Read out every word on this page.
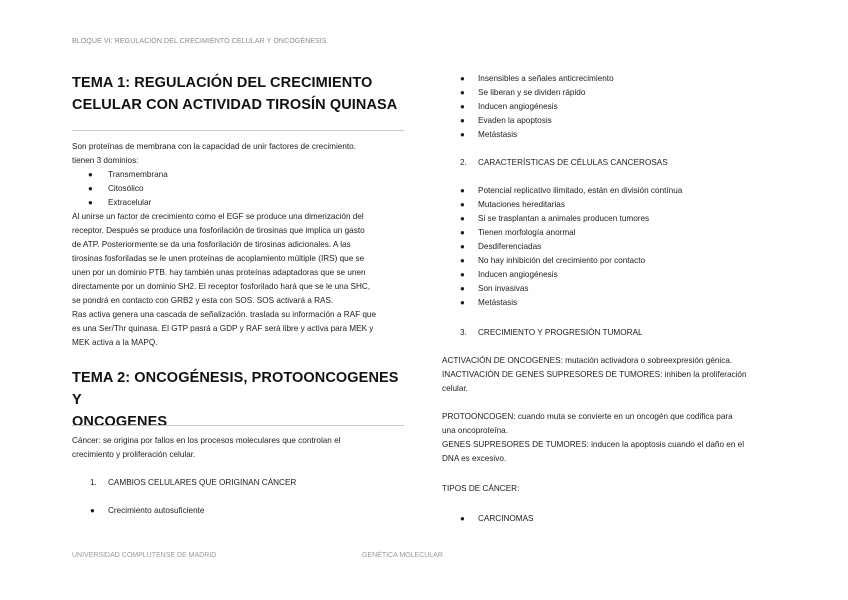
BLOQUE VI: REGULACIÓN DEL CRECIMIENTO CELULAR Y ONCOGÉNESIS
TEMA 1: REGULACIÓN DEL CRECIMIENTO
CELULAR CON ACTIVIDAD TIROSÍN QUINASA
Son proteínas de membrana con la capacidad de unir factores de crecimiento.
tienen 3 dominios:
● Transmembrana
● Citosólico
● Extracelular
Al unirse un factor de crecimiento como el EGF se produce una dimerización del
receptor. Después se produce una fosforilación de tirosinas que implica un gasto
de ATP. Posteriormente se da una fosforilación de tirosinas adicionales. A las
tirosinas fosforiladas se le unen proteínas de acoplamiento múltiple (IRS) que se
unen por un dominio PTB. hay también unas proteínas adaptadoras que se unen
directamente por un dominio SH2. El receptor fosforilado hará que se le una SHC,
se pondrá en contacto con GRB2 y esta con SOS. SOS activará a RAS.
Ras activa genera una cascada de señalización. traslada su información a RAF que
es una Ser/Thr quinasa. El GTP pasrá a GDP y RAF será libre y activa para MEK y
MEK activa a la MAPQ.
TEMA 2: ONCOGÉNESIS, PROTOONCOGENES Y
ONCOGENES
Cáncer: se origina por fallos en los procesos moleculares que controlan el
crecimiento y proliferación celular.
1. CAMBIOS CELULARES QUE ORIGINAN CÁNCER
● Crecimiento autosuficiente
● Insensibles a señales anticrecimiento
● Se liberan y se dividen rápido
● Inducen angiogénesis
● Evaden la apoptosis
● Metástasis
2. CARACTERÍSTICAS DE CÉLULAS CANCEROSAS
● Potencial replicativo ilimitado, están en división contínua
● Mutaciones hereditarias
● Si se trasplantan a animales producen tumores
● Tienen morfología anormal
● Desdiferenciadas
● No hay inhibición del crecimiento por contacto
● Inducen angiogénesis
● Son invasivas
● Metástasis
3. CRECIMIENTO Y PROGRESIÓN TUMORAL
ACTIVACIÓN DE ONCOGENES: mutación activadora o sobreexpresión génica.
INACTIVACIÓN DE GENES SUPRESORES DE TUMORES: inhiben la proliferación
celular.
PROTOONCOGEN: cuando muta se convierte en un oncogén que codifica para
una oncoproteína.
GENES SUPRESORES DE TUMORES: inducen la apoptosis cuando el daño en el
DNA es excesivo.
TIPOS DE CÁNCER:
● CARCINOMAS
UNIVERSIDAD COMPLUTENSE DE MADRID	GENÉTICA MOLECULAR
